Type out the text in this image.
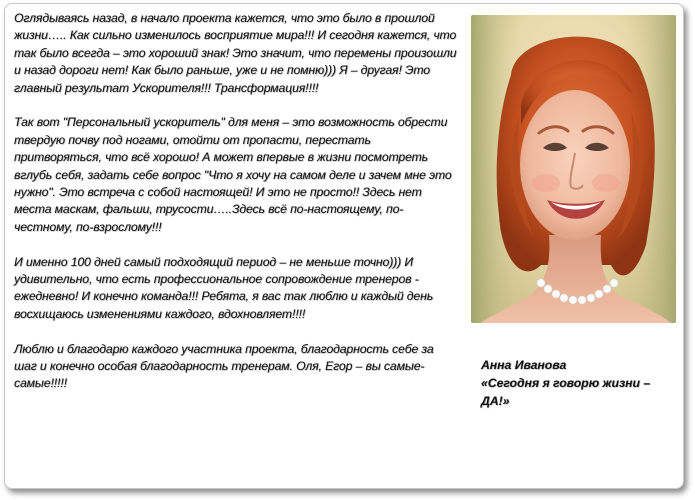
Оглядываясь назад, в начало проекта кажется, что это было в прошлой жизни….. Как сильно изменилось восприятие мира!!! И сегодня кажется, что так было всегда – это хороший знак! Это значит, что перемены произошли и назад дороги нет! Как было раньше, уже и не помню))) Я – другая! Это главный результат Ускорителя!!! Трансформация!!!!

Так вот "Персональный ускоритель" для меня – это возможность обрести твердую почву под ногами, отойти от пропасти, перестать притворяться, что всё хорошо! А может впервые в жизни посмотреть вглубь себя, задать себе вопрос "Что я хочу на самом деле и зачем мне это нужно". Это встреча с собой настоящей! И это не просто!! Здесь нет места маскам, фальши, трусости…..Здесь всё по-настоящему, по-честному, по-взрослому!!!

И именно 100 дней самый подходящий период – не меньше точно))) И удивительно, что есть профессиональное сопровождение тренеров - ежедневно! И конечно команда!!! Ребята, я вас так люблю и каждый день восхищаюсь изменениями каждого, вдохновляет!!!!

Люблю и благодарю каждого участника проекта, благодарность себе за шаг и конечно особая благодарность тренерам. Оля, Егор – вы самые-самые!!!!!

Анна Иванова
«Сегодня я говорю жизни – ДА!»
